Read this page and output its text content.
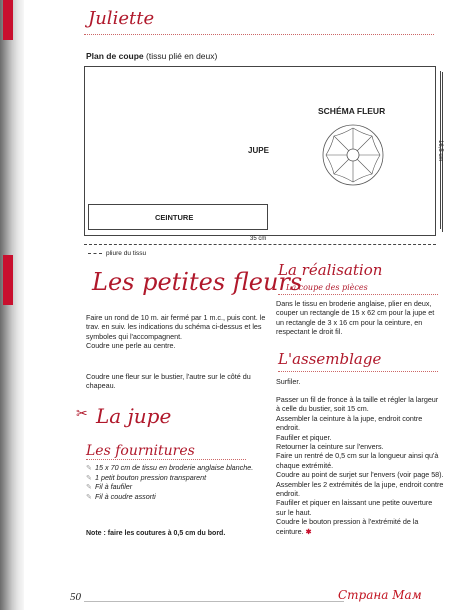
Juliette
Plan de coupe (tissu plié en deux)
JUPE
CEINTURE
35 cm
16,5 cm
pliure du tissu
SCHÉMA FLEUR
Les petites fleurs
Faire un rond de 10 m. air fermé par 1 m.c., puis cont. le trav. en suiv. les indications du schéma ci-dessus et les symboles qui l'accompagnent.
Coudre une perle au centre.
Coudre une fleur sur le bustier, l'autre sur le côté du chapeau.
✂ La jupe
Les fournitures
✎ 15 x 70 cm de tissu en broderie anglaise blanche.
✎ 1 petit bouton pression transparent
✎ Fil à faufiler
✎ Fil à coudre assorti
Note : faire les coutures à 0,5 cm du bord.
La réalisation
La coupe des pièces
Dans le tissu en broderie anglaise, plier en deux, couper un rectangle de 15 x 62 cm pour la jupe et un rectangle de 3 x 16 cm pour la ceinture, en respectant le droit fil.
L'assemblage
Surfiler.
Passer un fil de fronce à la taille et régler la largeur à celle du bustier, soit 15 cm.
Assembler la ceinture à la jupe, endroit contre endroit.
Faufiler et piquer.
Retourner la ceinture sur l'envers.
Faire un rentré de 0,5 cm sur la longueur ainsi qu'à chaque extrémité.
Coudre au point de surjet sur l'envers (voir page 58).
Assembler les 2 extrémités de la jupe, endroit contre endroit.
Faufiler et piquer en laissant une petite ouverture sur le haut.
Coudre le bouton pression à l'extrémité de la ceinture. ✱
50	Страна Мам
